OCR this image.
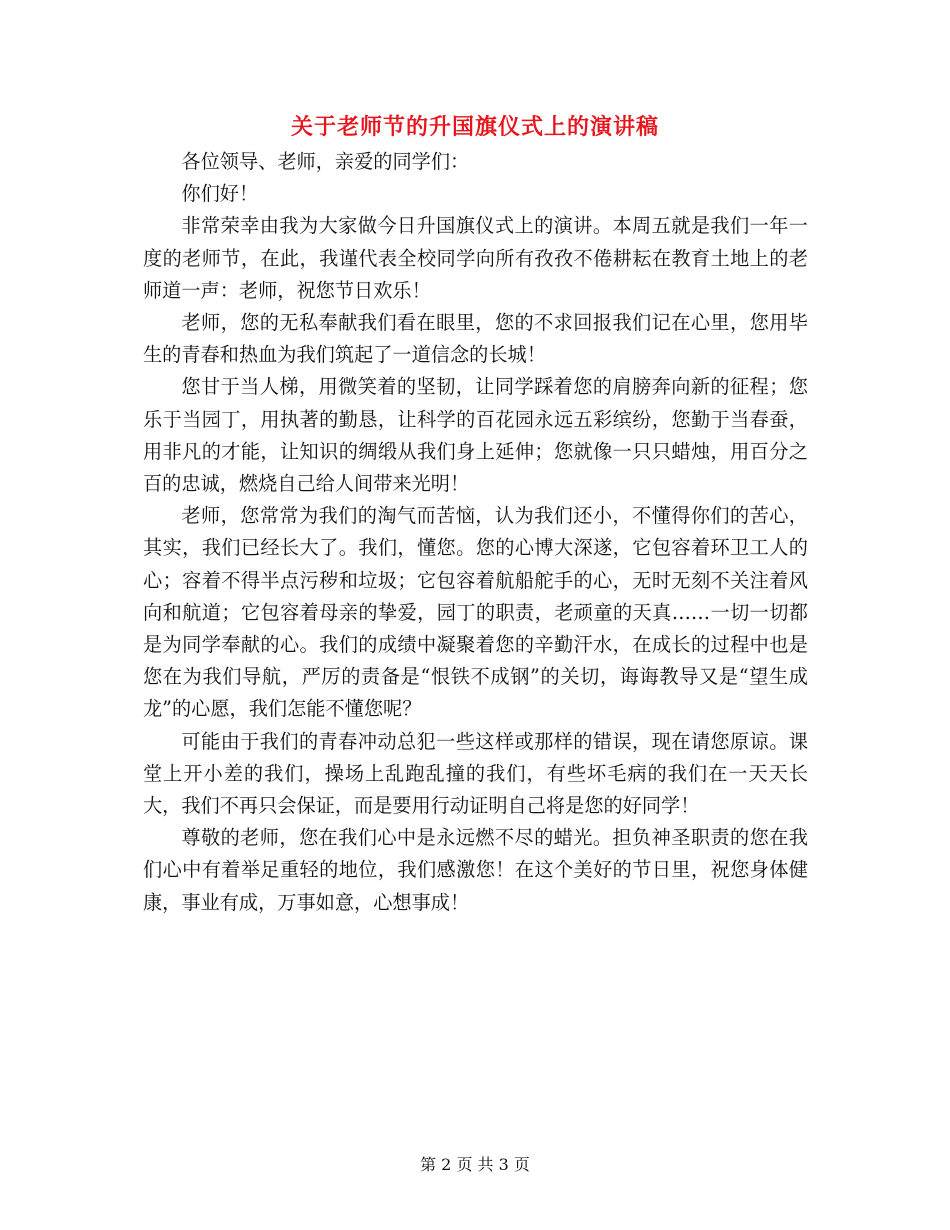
关于老师节的升国旗仪式上的演讲稿

各位领导、老师，亲爱的同学们：

你们好！

非常荣幸由我为大家做今日升国旗仪式上的演讲。本周五就是我们一年一度的老师节，在此，我谨代表全校同学向所有孜孜不倦耕耘在教育土地上的老师道一声：老师，祝您节日欢乐！

老师，您的无私奉献我们看在眼里，您的不求回报我们记在心里，您用毕生的青春和热血为我们筑起了一道信念的长城！

您甘于当人梯，用微笑着的坚韧，让同学踩着您的肩膀奔向新的征程；您乐于当园丁，用执著的勤恳，让科学的百花园永远五彩缤纷，您勤于当春蚕，用非凡的才能，让知识的绸缎从我们身上延伸；您就像一只只蜡烛，用百分之百的忠诚，燃烧自己给人间带来光明！

老师，您常常为我们的淘气而苦恼，认为我们还小，不懂得你们的苦心，其实，我们已经长大了。我们，懂您。您的心博大深遂，它包容着环卫工人的心；容着不得半点污秽和垃圾；它包容着航船舵手的心，无时无刻不关注着风向和航道；它包容着母亲的挚爱，园丁的职责，老顽童的天真……一切一切都是为同学奉献的心。我们的成绩中凝聚着您的辛勤汗水，在成长的过程中也是您在为我们导航，严厉的责备是“恨铁不成钢”的关切，诲诲教导又是“望生成龙”的心愿，我们怎能不懂您呢？

可能由于我们的青春冲动总犯一些这样或那样的错误，现在请您原谅。课堂上开小差的我们，操场上乱跑乱撞的我们，有些坏毛病的我们在一天天长大，我们不再只会保证，而是要用行动证明自己将是您的好同学！

尊敬的老师，您在我们心中是永远燃不尽的蜡光。担负神圣职责的您在我们心中有着举足重轻的地位，我们感激您！在这个美好的节日里，祝您身体健康，事业有成，万事如意，心想事成！

第 2 页 共 3 页
